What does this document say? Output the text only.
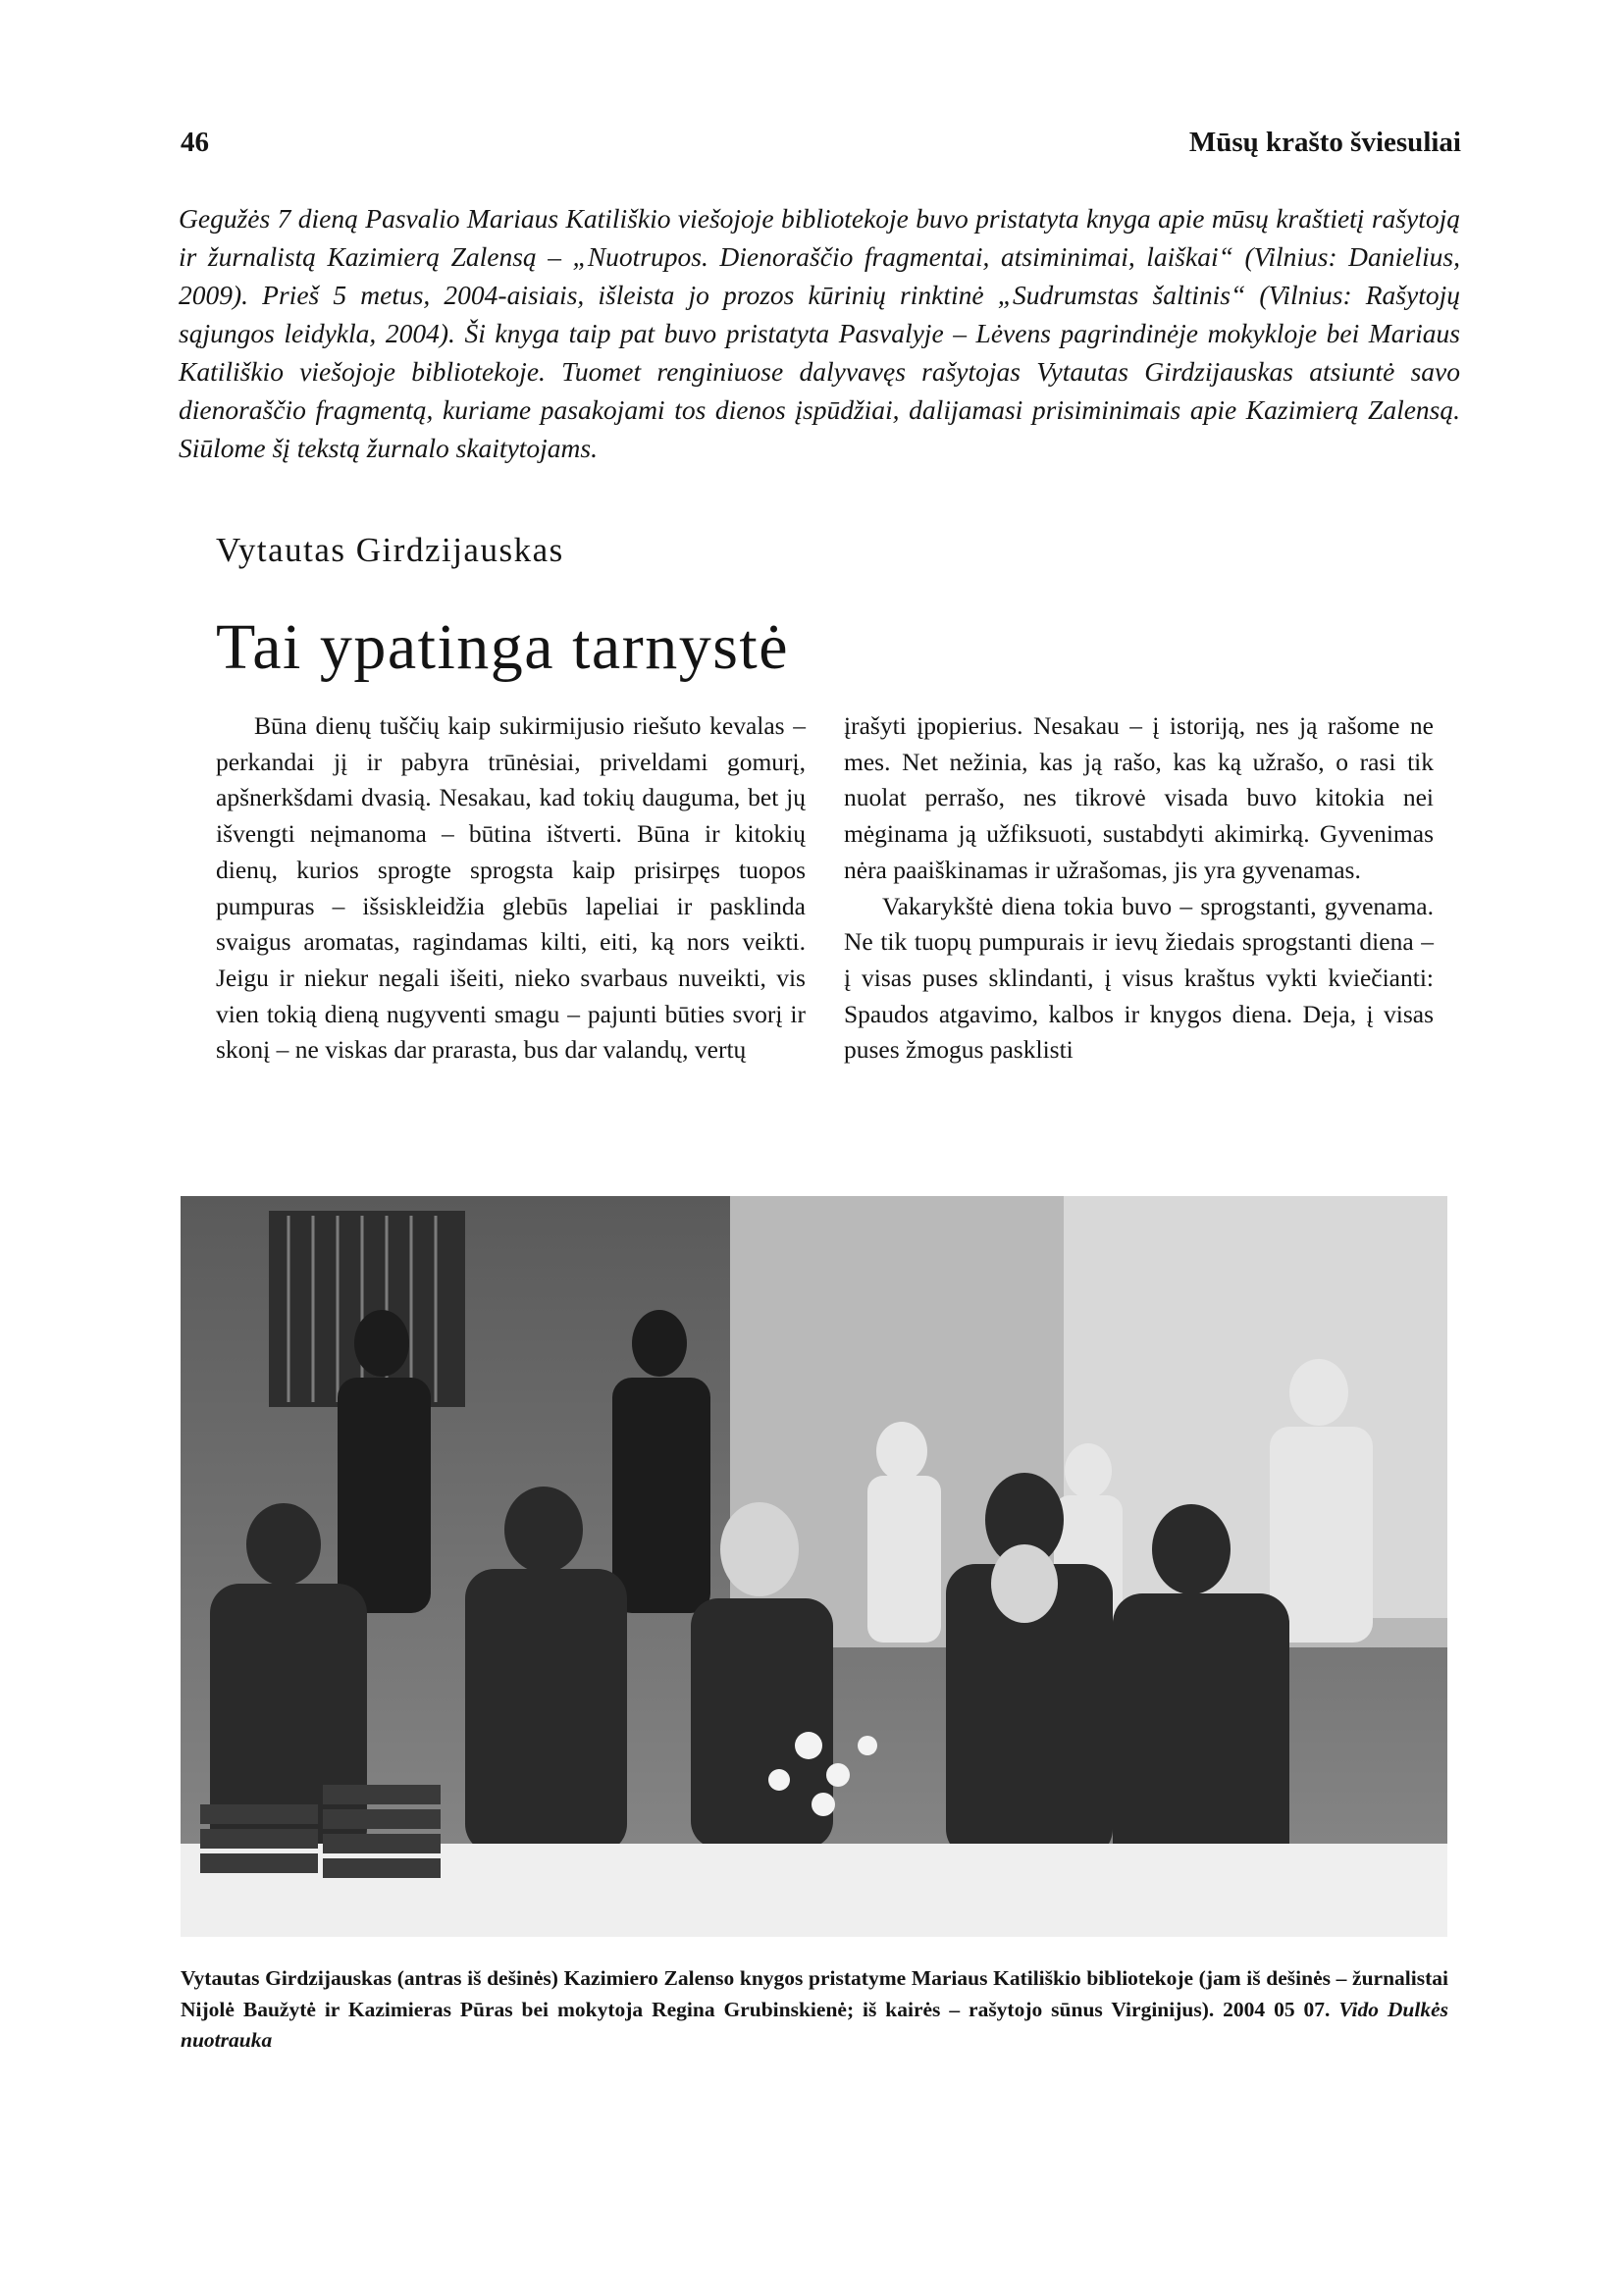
46	Mūsų krašto šviesuliai
Gegužės 7 dieną Pasvalio Mariaus Katiliškio viešojoje bibliotekoje buvo pristatyta knyga apie mūsų kraštietį rašytoją ir žurnalistą Kazimierą Zalensą – „Nuotrupos. Dienoraščio fragmentai, atsiminimai, laiškai“ (Vilnius: Danielius, 2009). Prieš 5 metus, 2004-aisiais, išleista jo prozos kūrinių rinktinė „Sudrumstas šaltinis“ (Vilnius: Rašytojų sąjungos leidykla, 2004). Ši knyga taip pat buvo pristatyta Pasvalyje – Lėvens pagrindinėje mokykloje bei Mariaus Katiliškio viešojoje bibliotekoje. Tuomet renginiuose dalyvavęs rašytojas Vytautas Girdzijauskas atsiuntė savo dienoraščio fragmentą, kuriame pasakojami tos dienos įspūdžiai, dalijamasi prisiminimais apie Kazimierą Zalensą. Siūlome šį tekstą žurnalo skaitytojams.
Vytautas Girdzijauskas
Tai ypatinga tarnystė

Būna dienų tuščių kaip sukirmijusio riešuto kevalas – perkandai jį ir pabyra trūnėsiai, priveldami gomurį, apšnerkšdami dvasią. Nesakau, kad tokių dauguma, bet jų išvengti neįmanoma – būtina ištverti. Būna ir kitokių dienų, kurios sprogte sprogsta kaip prisirpęs tuopos pumpuras – išsiskleidžia glebūs lapeliai ir pasklinda svaigus aromatas, ragindamas kilti, eiti, ką nors veikti. Jeigu ir niekur negali išeiti, nieko svarbaus nuveikti, vis vien tokią dieną nugyventi smagu – pajunti būties svorį ir skonį – ne viskas dar prarasta, bus dar valandų, vertų

įrašyti įpopierius. Nesakau – į istoriją, nes ją rašome ne mes. Net nežinia, kas ją rašo, kas ką užrašo, o rasi tik nuolat perrašo, nes tikrovė visada buvo kitokia nei mėginama ją užfiksuoti, sustabdyti akimirką. Gyvenimas nėra paaiškinamas ir užrašomas, jis yra gyvenamas.

Vakarykštė diena tokia buvo – sprogstanti, gyvenama. Ne tik tuopų pumpurais ir ievų žiedais sprogstanti diena – į visas puses sklindanti, į visus kraštus vykti kviečianti: Spaudos atgavimo, kalbos ir knygos diena. Deja, į visas puses žmogus pasklisti

Vytautas Girdzijauskas (antras iš dešinės) Kazimiero Zalenso knygos pristatyme Mariaus Katiliškio bibliotekoje (jam iš dešinės – žurnalistai Nijolė Baužytė ir Kazimieras Pūras bei mokytoja Regina Grubinskienė; iš kairės – rašytojo sūnus Virginijus). 2004 05 07. Vido Dulkės nuotrauka
